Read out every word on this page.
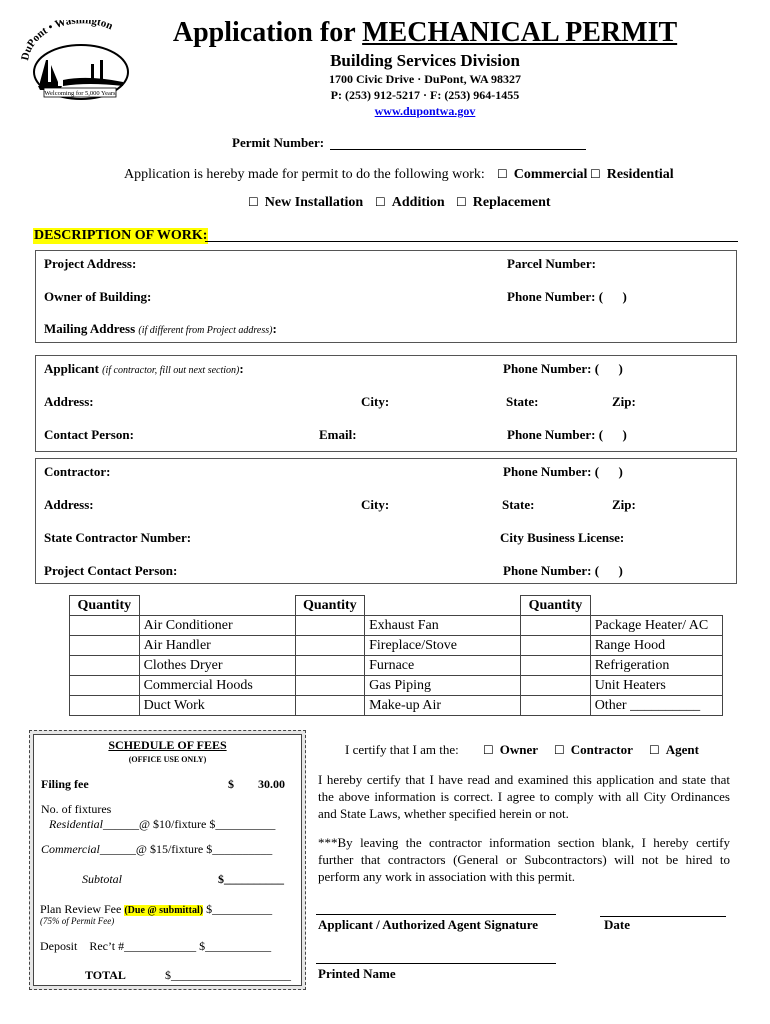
DuPont • Washington
Welcoming for 5,000 Years
Application for MECHANICAL PERMIT
Building Services Division
1700 Civic Drive · DuPont, WA 98327
P: (253) 912-5217 · F: (253) 964-1455
www.dupontwa.gov
Permit Number:
Application is hereby made for permit to do the following work: ☐ Commercial ☐ Residential
☐ New Installation ☐ Addition ☐ Replacement
DESCRIPTION OF WORK:
Project Address:	Parcel Number:
Owner of Building:	Phone Number: (      )
Mailing Address (if different from Project address):
Applicant (if contractor, fill out next section):	Phone Number: (      )
Address:	City:	State:	Zip:
Contact Person:	Email:	Phone Number: (      )
Contractor:	Phone Number: (      )
Address:	City:	State:	Zip:
State Contractor Number:	City Business License:
Project Contact Person:	Phone Number: (      )
Quantity		Quantity		Quantity	
	Air Conditioner		Exhaust Fan		Package Heater/ AC
	Air Handler		Fireplace/Stove		Range Hood
	Clothes Dryer		Furnace		Refrigeration
	Commercial Hoods		Gas Piping		Unit Heaters
	Duct Work		Make-up Air		Other __________
SCHEDULE OF FEES
(OFFICE USE ONLY)
Filing fee	$ 30.00
No. of fixtures
Residential______@ $10/fixture $__________
Commercial______@ $15/fixture $__________
Subtotal	$__________
Plan Review Fee (Due @ submittal) $__________
(75% of Permit Fee)
Deposit    Rec’t #____________ $___________
TOTAL	$____________________
I certify that I am the: ☐ Owner ☐ Contractor ☐ Agent
I hereby certify that I have read and examined this application and state that the above information is correct. I agree to comply with all City Ordinances and State Laws, whether specified herein or not.
***By leaving the contractor information section blank, I hereby certify further that contractors (General or Subcontractors) will not be hired to perform any work in association with this permit.
Applicant / Authorized Agent Signature	Date
Printed Name
